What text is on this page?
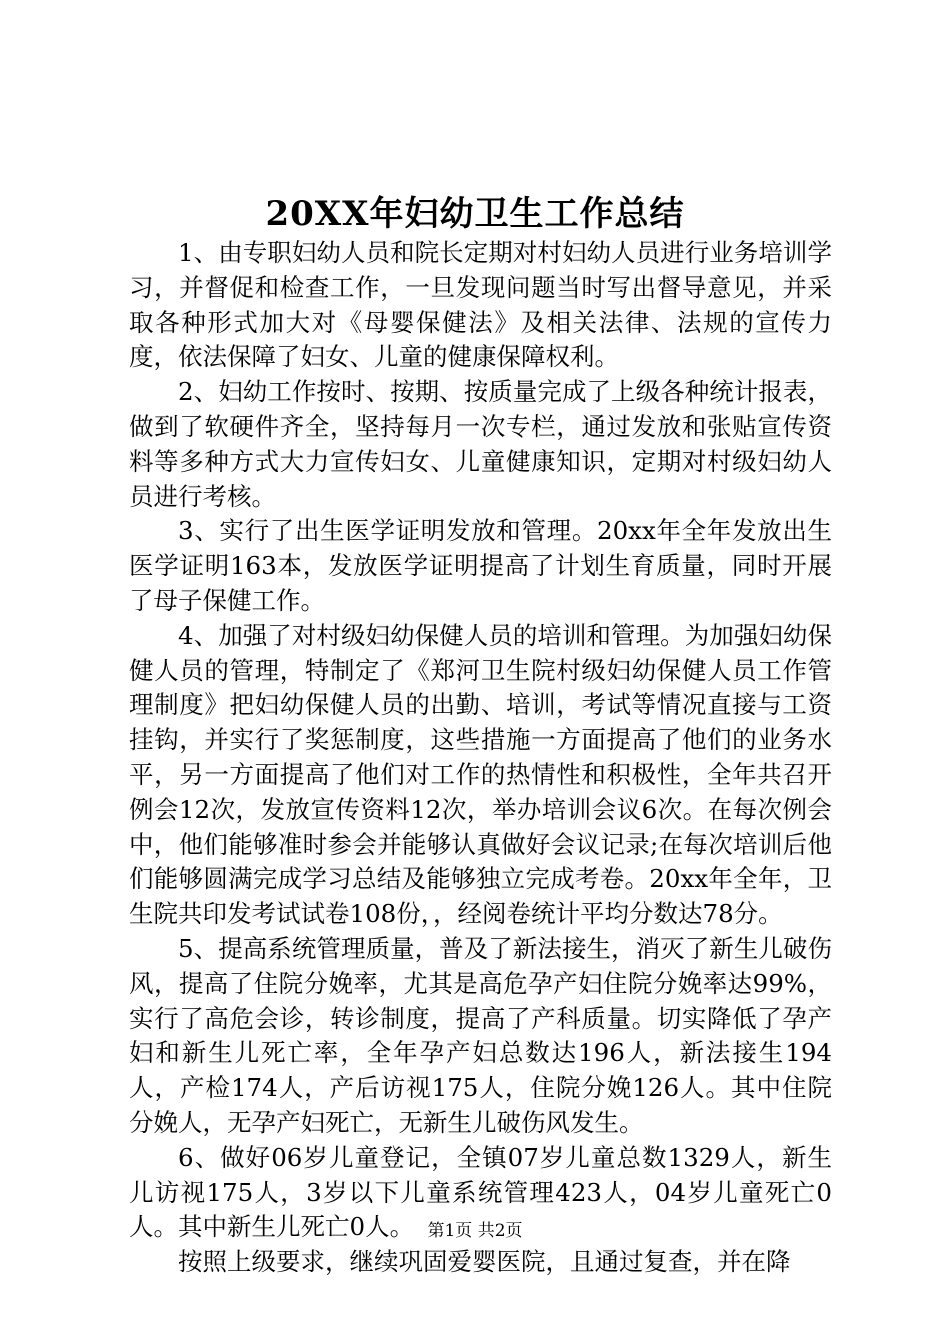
20XX年妇幼卫生工作总结

1、由专职妇幼人员和院长定期对村妇幼人员进行业务培训学习，并督促和检查工作，一旦发现问题当时写出督导意见，并采取各种形式加大对《母婴保健法》及相关法律、法规的宣传力度，依法保障了妇女、儿童的健康保障权利。

2、妇幼工作按时、按期、按质量完成了上级各种统计报表，做到了软硬件齐全，坚持每月一次专栏，通过发放和张贴宣传资料等多种方式大力宣传妇女、儿童健康知识，定期对村级妇幼人员进行考核。

3、实行了出生医学证明发放和管理。20xx年全年发放出生医学证明163本，发放医学证明提高了计划生育质量，同时开展了母子保健工作。

4、加强了对村级妇幼保健人员的培训和管理。为加强妇幼保健人员的管理，特制定了《郑河卫生院村级妇幼保健人员工作管理制度》把妇幼保健人员的出勤、培训，考试等情况直接与工资挂钩，并实行了奖惩制度，这些措施一方面提高了他们的业务水平，另一方面提高了他们对工作的热情性和积极性，全年共召开例会12次，发放宣传资料12次，举办培训会议6次。在每次例会中，他们能够准时参会并能够认真做好会议记录;在每次培训后他们能够圆满完成学习总结及能够独立完成考卷。20xx年全年，卫生院共印发考试试卷108份，，经阅卷统计平均分数达78分。

5、提高系统管理质量，普及了新法接生，消灭了新生儿破伤风，提高了住院分娩率，尤其是高危孕产妇住院分娩率达99%，实行了高危会诊，转诊制度，提高了产科质量。切实降低了孕产妇和新生儿死亡率，全年孕产妇总数达196人，新法接生194人，产检174人，产后访视175人，住院分娩126人。其中住院分娩人，无孕产妇死亡，无新生儿破伤风发生。

6、做好06岁儿童登记，全镇07岁儿童总数1329人，新生儿访视175人，3岁以下儿童系统管理423人，04岁儿童死亡0人。其中新生儿死亡0人。

按照上级要求，继续巩固爱婴医院，且通过复查，并在降

第1页 共2页
